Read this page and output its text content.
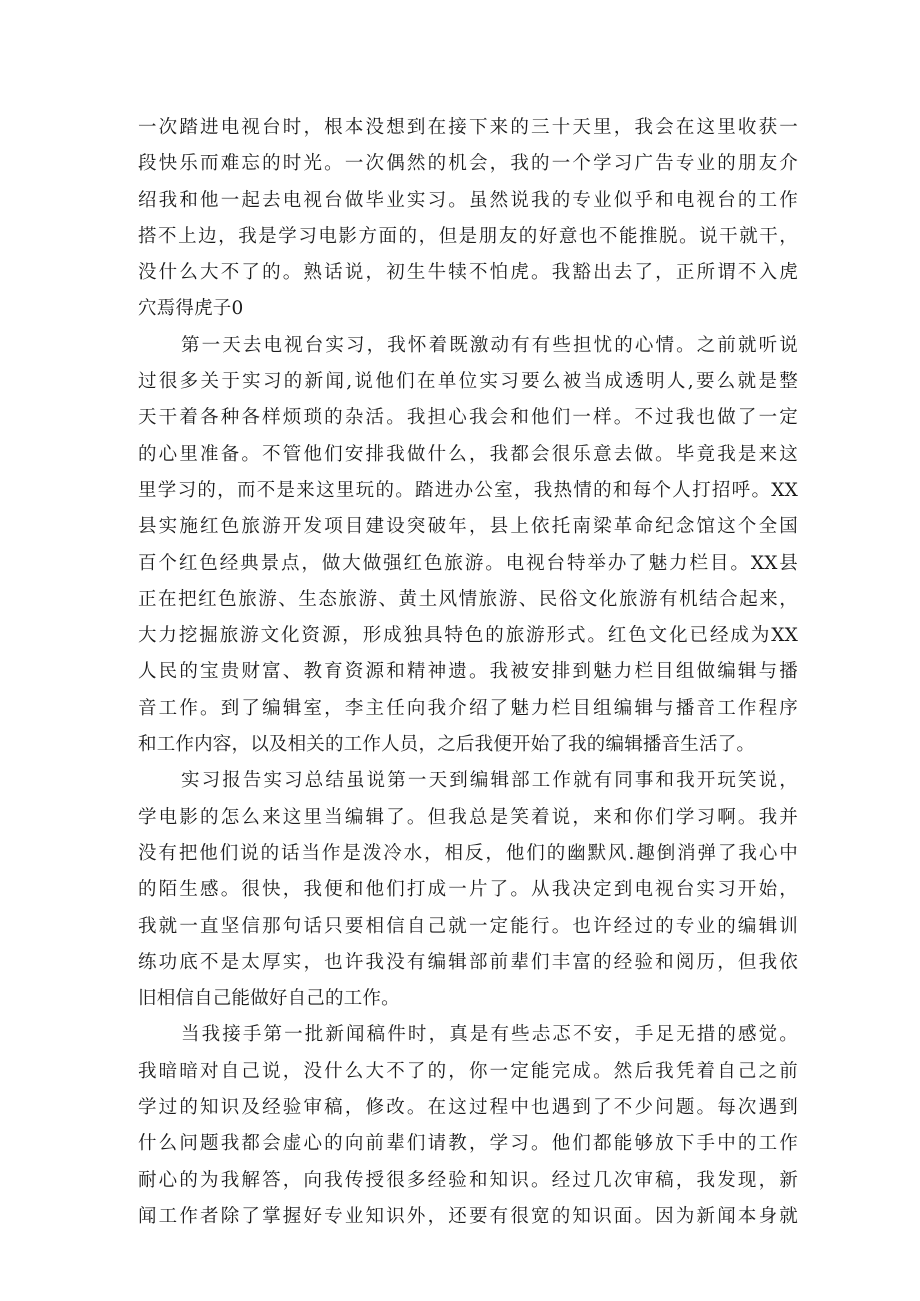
一次踏进电视台时，根本没想到在接下来的三十天里，我会在这里收获一
段快乐而难忘的时光。一次偶然的机会，我的一个学习广告专业的朋友介
绍我和他一起去电视台做毕业实习。虽然说我的专业似乎和电视台的工作
搭不上边，我是学习电影方面的，但是朋友的好意也不能推脱。说干就干，
没什么大不了的。熟话说，初生牛犊不怕虎。我豁出去了，正所谓不入虎
穴焉得虎子0
第一天去电视台实习，我怀着既激动有有些担忧的心情。之前就听说
过很多关于实习的新闻,说他们在单位实习要么被当成透明人,要么就是整
天干着各种各样烦琐的杂活。我担心我会和他们一样。不过我也做了一定
的心里准备。不管他们安排我做什么，我都会很乐意去做。毕竟我是来这
里学习的，而不是来这里玩的。踏进办公室，我热情的和每个人打招呼。XX
县实施红色旅游开发项目建设突破年，县上依托南梁革命纪念馆这个全国
百个红色经典景点，做大做强红色旅游。电视台特举办了魅力栏目。XX县
正在把红色旅游、生态旅游、黄土风情旅游、民俗文化旅游有机结合起来，
大力挖掘旅游文化资源，形成独具特色的旅游形式。红色文化已经成为XX
人民的宝贵财富、教育资源和精神遗。我被安排到魅力栏目组做编辑与播
音工作。到了编辑室，李主任向我介绍了魅力栏目组编辑与播音工作程序
和工作内容，以及相关的工作人员，之后我便开始了我的编辑播音生活了。
实习报告实习总结虽说第一天到编辑部工作就有同事和我开玩笑说，
学电影的怎么来这里当编辑了。但我总是笑着说，来和你们学习啊。我并
没有把他们说的话当作是泼冷水，相反，他们的幽默风.趣倒消弹了我心中
的陌生感。很快，我便和他们打成一片了。从我决定到电视台实习开始，
我就一直坚信那句话只要相信自己就一定能行。也许经过的专业的编辑训
练功底不是太厚实，也许我没有编辑部前辈们丰富的经验和阅历，但我依
旧相信自己能做好自己的工作。
当我接手第一批新闻稿件时，真是有些忐忑不安，手足无措的感觉。
我暗暗对自己说，没什么大不了的，你一定能完成。然后我凭着自己之前
学过的知识及经验审稿，修改。在这过程中也遇到了不少问题。每次遇到
什么问题我都会虚心的向前辈们请教，学习。他们都能够放下手中的工作
耐心的为我解答，向我传授很多经验和知识。经过几次审稿，我发现，新
闻工作者除了掌握好专业知识外，还要有很宽的知识面。因为新闻本身就
